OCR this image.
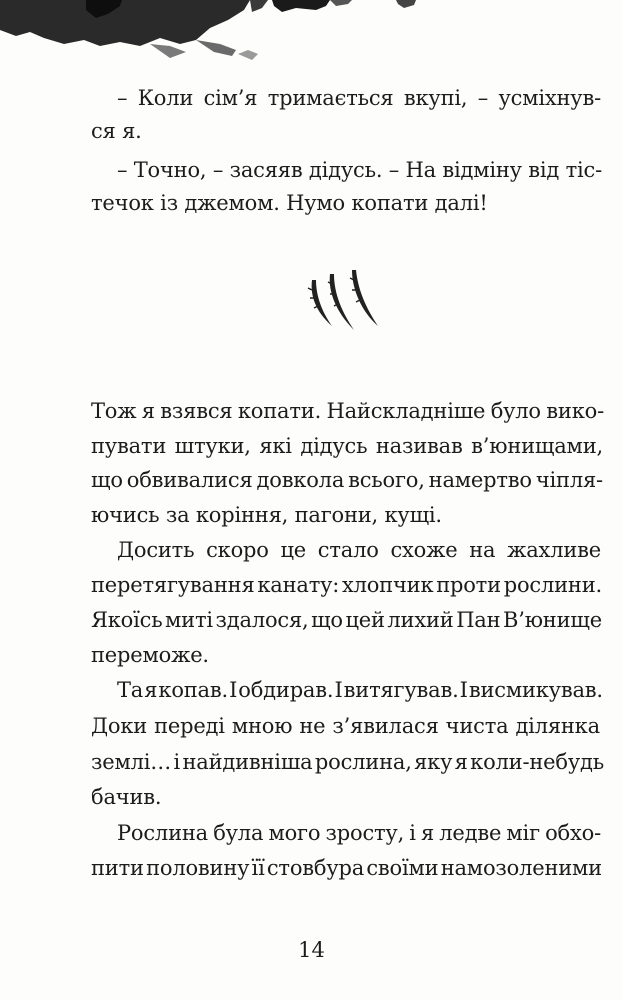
– Коли сім’я тримається вкупі, – усміхнув-
ся я.
– Точно, – засяяв дідусь. – На відміну від тіс-
течок із джемом. Нумо копати далі!
Тож я взявся копати. Найскладніше було вико-
пувати штуки, які дідусь називав в’юнищами,
що обвивалися довкола всього, намертво чіпля-
ючись за коріння, пагони, кущі.
Досить скоро це стало схоже на жахливе
перетягування канату: хлопчик проти рослини.
Якоїсь миті здалося, що цей лихий Пан В’юнище
переможе.
Та я копав. І обдирав. І витягував. І висмикував.
Доки переді мною не з’явилася чиста ділянка
землі… і найдивніша рослина, яку я коли-небудь
бачив.
Рослина була мого зросту, і я ледве міг обхо-
пити половину її стовбура своїми намозоленими
14
